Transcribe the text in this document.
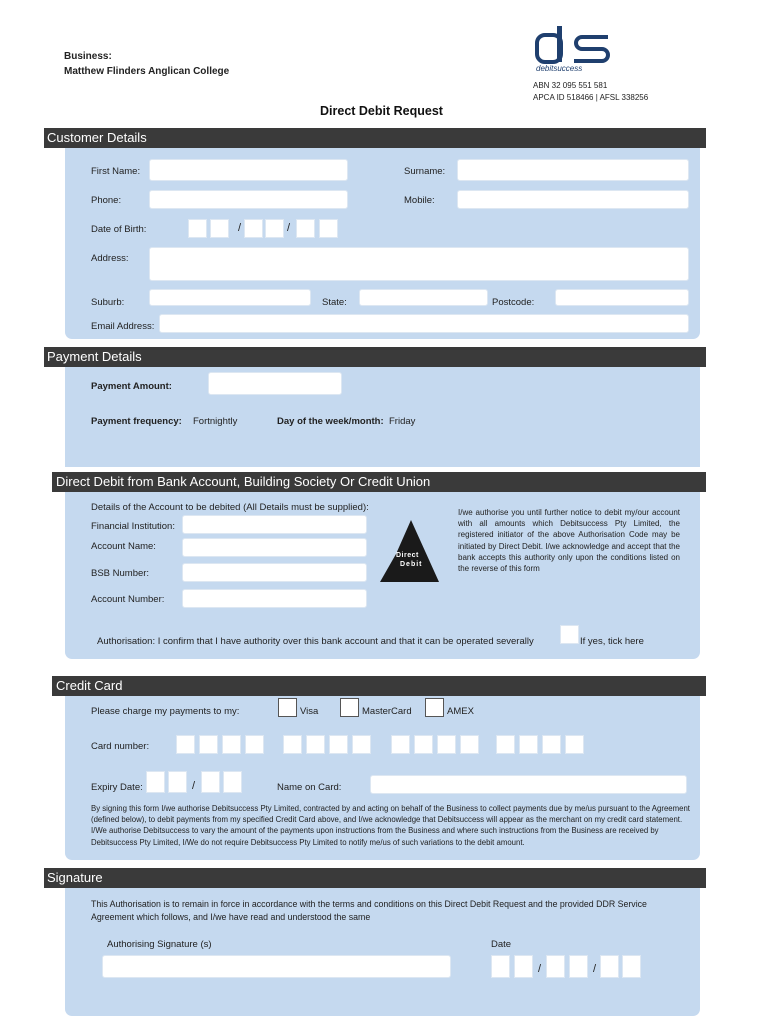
Business:
Matthew Flinders Anglican College
Direct Debit Request
debitsuccess
ABN 32 095 551 581
APCA ID 518466 | AFSL 338256
Customer Details
First Name:	Surname:
Phone:	Mobile:
Date of Birth:	/	/
Address:
Suburb:	State:	Postcode:
Email Address:
Payment Details
Payment Amount:
Payment frequency: Fortnightly	Day of the week/month: Friday
Direct Debit from Bank Account, Building Society Or Credit Union
Details of the Account to be debited (All Details must be supplied):
Financial Institution:
Account Name:
BSB Number:
Account Number:
Direct
Debit
I/we authorise you until further notice to debit my/our account with all amounts which Debitsuccess Pty Limited, the registered initiator of the above Authorisation Code may be initiated by Direct Debit. I/we acknowledge and accept that the bank accepts this authority only upon the conditions listed on the reverse of this form
Authorisation: I confirm that I have authority over this bank account and that it can be operated severally	If yes, tick here
Credit Card
Please charge my payments to my:	Visa	MasterCard	AMEX
Card number:
Expiry Date:	/	Name on Card:
By signing this form I/we authorise Debitsuccess Pty Limited, contracted by and acting on behalf of the Business to collect payments due by me/us pursuant to the Agreement (defined below), to debit payments from my specified Credit Card above, and I/we acknowledge that Debitsuccess will appear as the merchant on my credit card statement. I/We authorise Debitsuccess to vary the amount of the payments upon instructions from the Business and where such instructions from the Business are received by Debitsuccess Pty Limited, I/We do not require Debitsuccess Pty Limited to notify me/us of such variations to the debit amount.
Signature
This Authorisation is to remain in force in accordance with the terms and conditions on this Direct Debit Request and the provided DDR Service Agreement which follows, and I/we have read and understood the same
Authorising Signature (s)	Date
/	/
